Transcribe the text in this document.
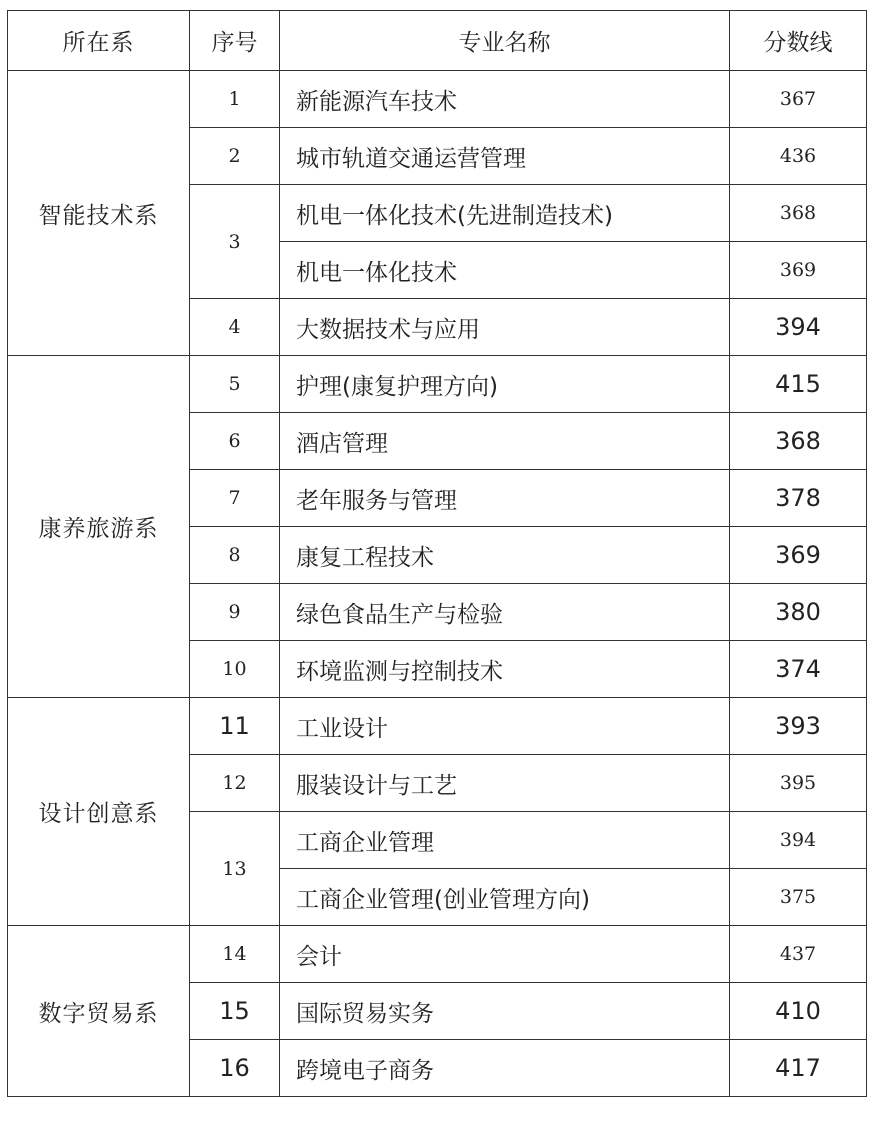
所在系	序号	专业名称	分数线
智能技术系	1	新能源汽车技术	367
	2	城市轨道交通运营管理	436
	3	机电一体化技术(先进制造技术)	368
		机电一体化技术	369
	4	大数据技术与应用	394
康养旅游系	5	护理(康复护理方向)	415
	6	酒店管理	368
	7	老年服务与管理	378
	8	康复工程技术	369
	9	绿色食品生产与检验	380
	10	环境监测与控制技术	374
设计创意系	11	工业设计	393
	12	服装设计与工艺	395
	13	工商企业管理	394
		工商企业管理(创业管理方向)	375
数字贸易系	14	会计	437
	15	国际贸易实务	410
	16	跨境电子商务	417
